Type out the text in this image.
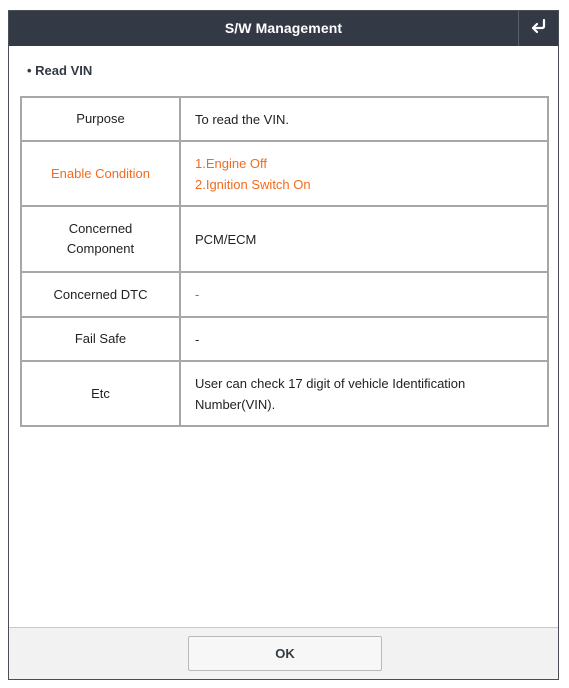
S/W Management
• Read VIN
Purpose	To read the VIN.
Enable Condition	1.Engine Off
2.Ignition Switch On

Concerned
Component	PCM/ECM
Concerned DTC	-
Fail Safe	-
Etc	User can check 17 digit of vehicle Identification
Number(VIN).
OK
